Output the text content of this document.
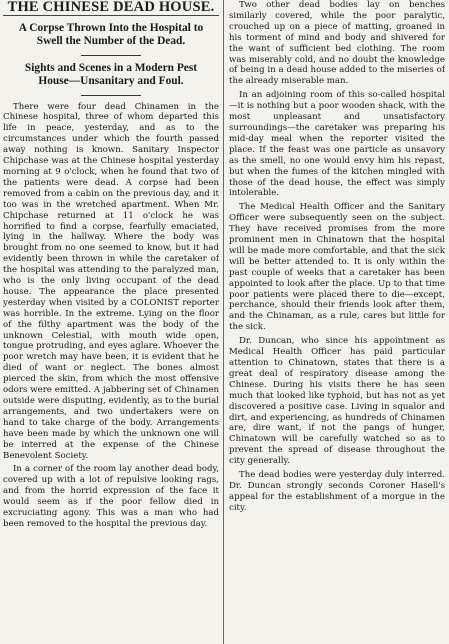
THE CHINESE DEAD HOUSE.
A Corpse Thrown Into the Hospital to Swell the Number of the Dead.
Sights and Scenes in a Modern Pest House—Unsanitary and Foul.

There were four dead Chinamen in the Chinese hospital, three of whom departed this life in peace, yesterday, and as to the circumstances under which the fourth passed away nothing is known. Sanitary Inspector Chipchase was at the Chinese hospital yesterday morning at 9 o'clock, when he found that two of the patients were dead. A corpse had been removed from a cabin on the previous day, and it too was in the wretched apartment. When Mr. Chipchase returned at 11 o'clock he was horrified to find a corpse, fearfully emaciated, lying in the hallway. Where the body was brought from no one seemed to know, but it had evidently been thrown in while the caretaker of the hospital was attending to the paralyzed man, who is the only living occupant of the dead house. The appearance the place presented yesterday when visited by a COLONIST reporter was horrible. In the extreme. Lying on the floor of the filthy apartment was the body of the unknown Celestial, with mouth wide open, tongue protruding, and eyes aglare. Whoever the poor wretch may have been, it is evident that he died of want or neglect. The bones almost pierced the skin, from which the most offensive odors were emitted. A jabbering set of Chinamen outside were disputing, evidently, as to the burial arrangements, and two undertakers were on hand to take charge of the body. Arrangements have been made by which the unknown one will be interred at the expense of the Chinese Benevolent Society.

In a corner of the room lay another dead body, covered up with a lot of repulsive looking rags, and from the horrid expression of the face it would seem as if the poor fellow died in excruciating agony. This was a man who had been removed to the hospital the previous day.

Two other dead bodies lay on benches similarly covered, while the poor paralytic, crouched up on a piece of matting, groaned in his torment of mind and body and shivered for the want of sufficient bed clothing. The room was miserably cold, and no doubt the knowledge of being in a dead house added to the miseries of the already miserable man.

In an adjoining room of this so-called hospital—it is nothing but a poor wooden shack, with the most unpleasant and unsatisfactory surroundings—the caretaker was preparing his mid-day meal when the reporter visited the place. If the feast was one particle as unsavory as the smell, no one would envy him his repast, but when the fumes of the kitchen mingled with those of the dead house, the effect was simply intolerable.

The Medical Health Officer and the Sanitary Officer were subsequently seen on the subject. They have received promises from the more prominent men in Chinatown that the hospital will be made more comfortable, and that the sick will be better attended to. It is only within the past couple of weeks that a caretaker has been appointed to look after the place. Up to that time poor patients were placed there to die—except, perchance, should their friends look after them, and the Chinaman, as a rule, cares but little for the sick.

Dr. Duncan, who since his appointment as Medical Health Officer has paid particular attention to Chinatown, states that there is a great deal of respiratory disease among the Chinese. During his visits there he has seen much that looked like typhoid, but has not as yet discovered a positive case. Living in squalor and dirt, and experiencing, as hundreds of Chinamen are, dire want, if not the pangs of hunger, Chinatown will be carefully watched so as to prevent the spread of disease throughout the city generally.

The dead bodies were yesterday duly interred. Dr. Duncan strongly seconds Coroner Hasell's appeal for the establishment of a morgue in the city.
